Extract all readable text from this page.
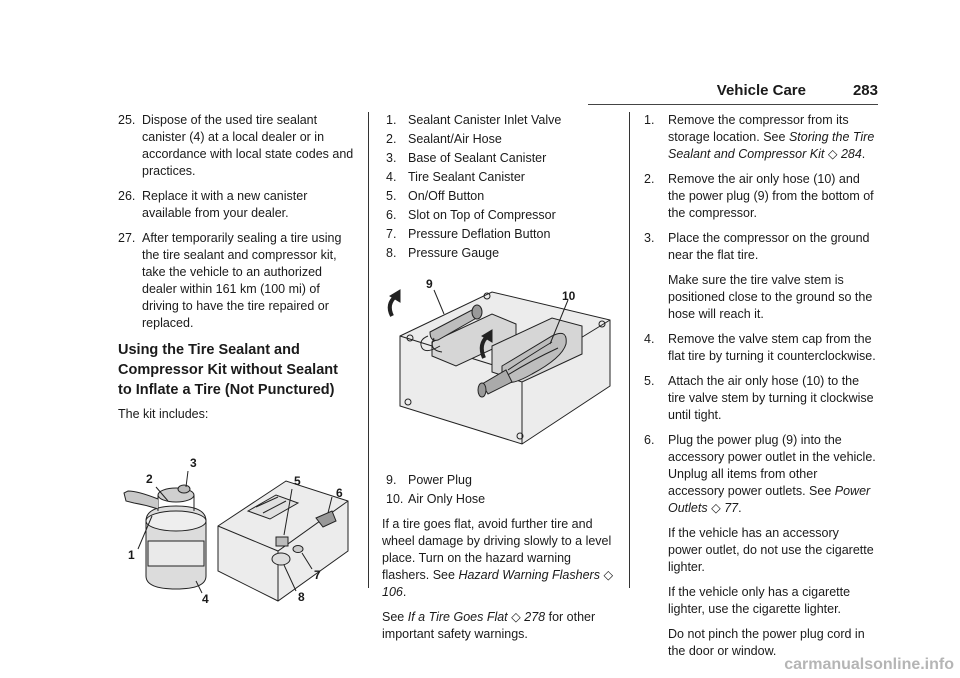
Vehicle Care	283
25. Dispose of the used tire sealant canister (4) at a local dealer or in accordance with local state codes and practices.
26. Replace it with a new canister available from your dealer.
27. After temporarily sealing a tire using the tire sealant and compressor kit, take the vehicle to an authorized dealer within 161 km (100 mi) of driving to have the tire repaired or replaced.
Using the Tire Sealant and Compressor Kit without Sealant to Inflate a Tire (Not Punctured)

The kit includes:

2
3
1
4
5
6
7
8
1. Sealant Canister Inlet Valve
2. Sealant/Air Hose
3. Base of Sealant Canister
4. Tire Sealant Canister
5. On/Off Button
6. Slot on Top of Compressor
7. Pressure Deflation Button
8. Pressure Gauge
9
10
9. Power Plug
10. Air Only Hose

If a tire goes flat, avoid further tire and wheel damage by driving slowly to a level place. Turn on the hazard warning flashers. See Hazard Warning Flashers ◇ 106.

See If a Tire Goes Flat ◇ 278 for other important safety warnings.

1.	Remove the compressor from its storage location. See Storing the Tire Sealant and Compressor Kit ◇ 284.
2.	Remove the air only hose (10) and the power plug (9) from the bottom of the compressor.
3.	Place the compressor on the ground near the flat tire.

Make sure the tire valve stem is positioned close to the ground so the hose will reach it.

4.	Remove the valve stem cap from the flat tire by turning it counterclockwise.
5.	Attach the air only hose (10) to the tire valve stem by turning it clockwise until tight.
6.	Plug the power plug (9) into the accessory power outlet in the vehicle. Unplug all items from other accessory power outlets. See Power Outlets ◇ 77.

If the vehicle has an accessory power outlet, do not use the cigarette lighter.

If the vehicle only has a cigarette lighter, use the cigarette lighter.

Do not pinch the power plug cord in the door or window.

carmanualsonline.info
